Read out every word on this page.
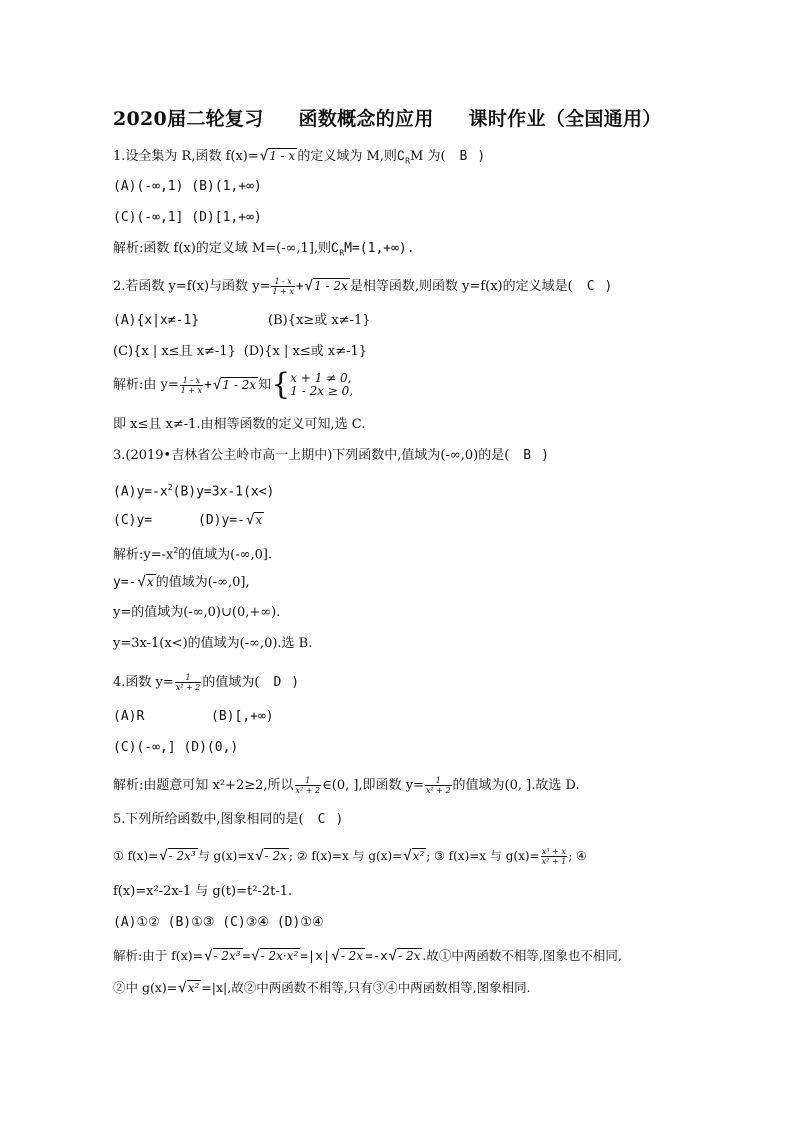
2020届二轮复习 函数概念的应用 课时作业（全国通用）
1.设全集为 R,函数 f(x)=√1 - x 的定义域为 M,则$∁_RM$ 为( B )
(A)(-∞,1) (B)(1,+∞)
(C)(-∞,1] (D)[1,+∞)
解析:函数 f(x)的定义域 M=(-∞,1],则$∁_RM=(1,+\infty)$.
2.若函数 y=f(x)与函数 $y= \frac{1 - x}{1 + x} +√1 - 2x$ 是相等函数,则函数 y=f(x)的定义域是( C )
(A){x|x≠-1}	(B){x≥或 x≠-1}
(C){x | x≤且 x≠-1} (D){x | x≤或 x≠-1}
解析:由 $y= \frac{1 - x}{1 + x} +√1 - 2x$ 知{ x + 1 ≠ 0,
1 - 2x ≥ 0,
即 x≤且 x≠-1.由相等函数的定义可知,选 C.
3.(2019•吉林省公主岭市高一上期中)下列函数中,值域为(-∞,0)的是( B )
$(A)y=-x^2(B)y=3x-1(x<)$
(C)y=	(D)y=-√x
解析$:y=-x^2$的值域为(-∞,0].
y=-√x 的值域为(-∞,0],
y=的值域为(-∞,0)∪(0,+∞).
y=3x-1(x<)的值域为(-∞,0).选 B.
4.函数 $y= \frac{1}{\text{x² + 2}}$ 的值域为( D )
(A)R	(B)[,+∞)
(C)(-∞,] (D)(0,)
解析:由题意可知 x²+2≥2,所以 $\frac{1}{\text{x² + 2}}$ ∈(0, ],即函数 $y= \frac{1}{\text{x² + 2}}$ 的值域为(0, ].故选 D.
5.下列所给函数中,图象相同的是( C )
① f(x)=√- 2x³ 与 g(x)=x√- 2x ; ② f(x)=x 与 g(x)=√x² ; ③ f(x)=x 与 $g(x)= \frac{\text{x³ + x}}{\text{x² + 1}}$ ; ④
f(x)=x²-2x-1 与 g(t)=t²-2t-1.
(A)①② (B)①③ (C)③④ (D)①④
解析:由于 f(x)=√- 2x³ =√- 2x·x² =|x|√- 2x =-x√- 2x .故①中两函数不相等,图象也不相同,
②中 g(x)=√x² =|x|,故②中两函数不相等,只有③④中两函数相等,图象相同.
